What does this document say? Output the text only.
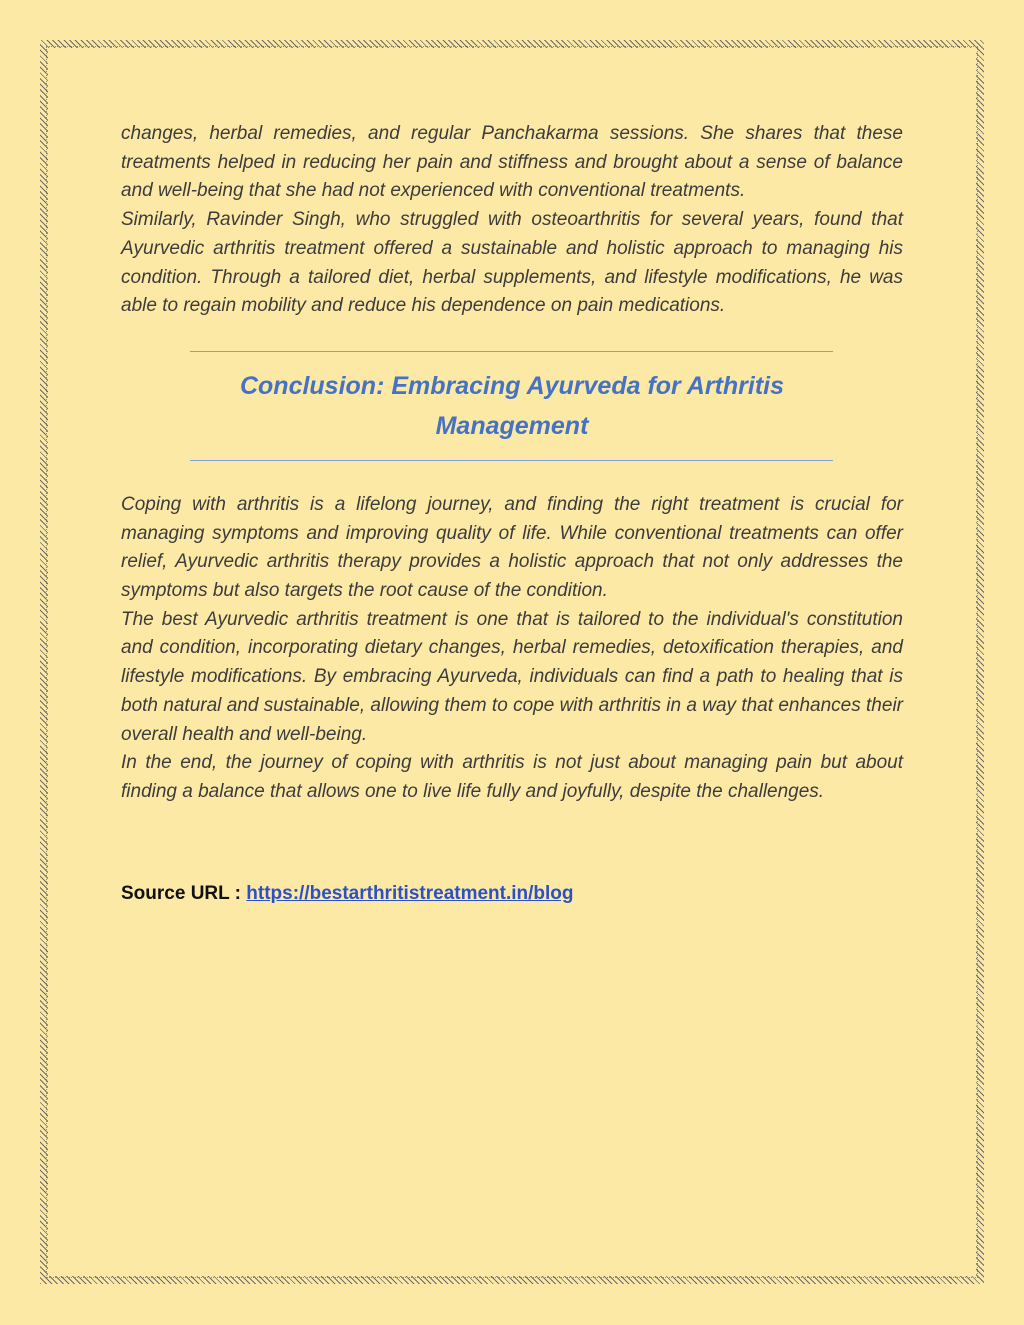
changes, herbal remedies, and regular Panchakarma sessions. She shares that these treatments helped in reducing her pain and stiffness and brought about a sense of balance and well-being that she had not experienced with conventional treatments.

Similarly, Ravinder Singh, who struggled with osteoarthritis for several years, found that Ayurvedic arthritis treatment offered a sustainable and holistic approach to managing his condition. Through a tailored diet, herbal supplements, and lifestyle modifications, he was able to regain mobility and reduce his dependence on pain medications.

Conclusion: Embracing Ayurveda for Arthritis Management

Coping with arthritis is a lifelong journey, and finding the right treatment is crucial for managing symptoms and improving quality of life. While conventional treatments can offer relief, Ayurvedic arthritis therapy provides a holistic approach that not only addresses the symptoms but also targets the root cause of the condition.

The best Ayurvedic arthritis treatment is one that is tailored to the individual's constitution and condition, incorporating dietary changes, herbal remedies, detoxification therapies, and lifestyle modifications. By embracing Ayurveda, individuals can find a path to healing that is both natural and sustainable, allowing them to cope with arthritis in a way that enhances their overall health and well-being.

In the end, the journey of coping with arthritis is not just about managing pain but about finding a balance that allows one to live life fully and joyfully, despite the challenges.

Source URL : https://bestarthritistreatment.in/blog
